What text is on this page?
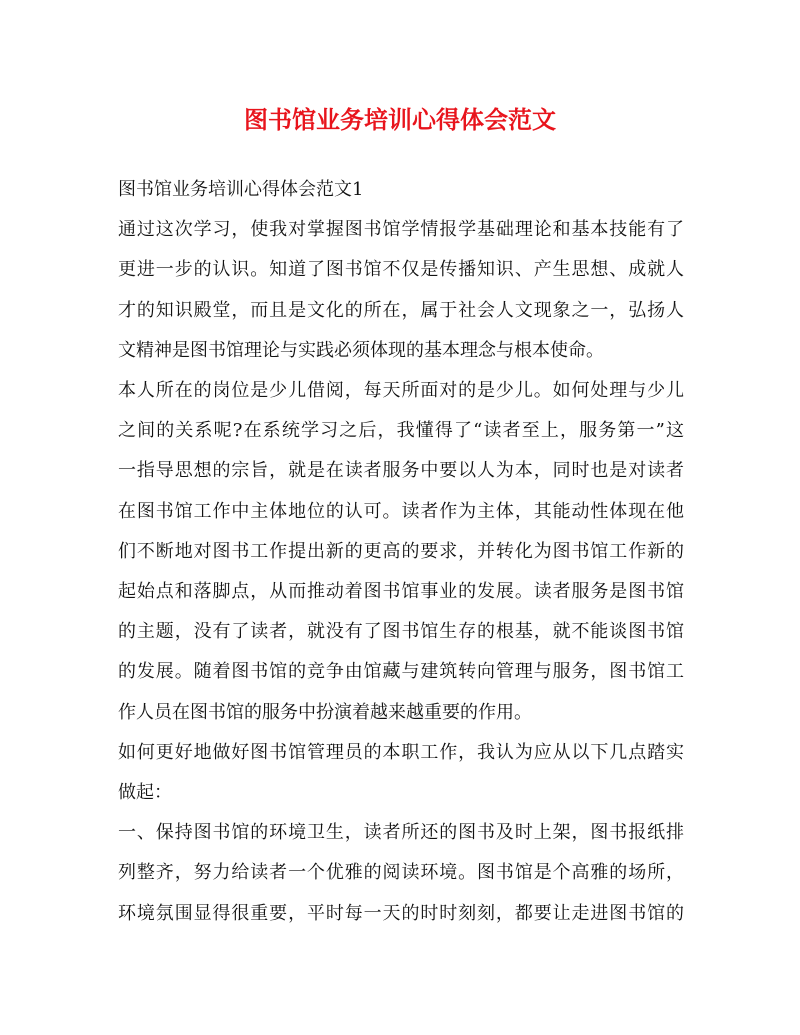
图书馆业务培训心得体会范文

图书馆业务培训心得体会范文1

通过这次学习，使我对掌握图书馆学情报学基础理论和基本技能有了
更进一步的认识。知道了图书馆不仅是传播知识、产生思想、成就人
才的知识殿堂，而且是文化的所在，属于社会人文现象之一，弘扬人
文精神是图书馆理论与实践必须体现的基本理念与根本使命。

本人所在的岗位是少儿借阅，每天所面对的是少儿。如何处理与少儿
之间的关系呢?在系统学习之后，我懂得了“读者至上，服务第一”这
一指导思想的宗旨，就是在读者服务中要以人为本，同时也是对读者
在图书馆工作中主体地位的认可。读者作为主体，其能动性体现在他
们不断地对图书工作提出新的更高的要求，并转化为图书馆工作新的
起始点和落脚点，从而推动着图书馆事业的发展。读者服务是图书馆
的主题，没有了读者，就没有了图书馆生存的根基，就不能谈图书馆
的发展。随着图书馆的竞争由馆藏与建筑转向管理与服务，图书馆工
作人员在图书馆的服务中扮演着越来越重要的作用。

如何更好地做好图书馆管理员的本职工作，我认为应从以下几点踏实
做起：

一、保持图书馆的环境卫生，读者所还的图书及时上架，图书报纸排
列整齐，努力给读者一个优雅的阅读环境。图书馆是个高雅的场所，
环境氛围显得很重要，平时每一天的时时刻刻，都要让走进图书馆的
